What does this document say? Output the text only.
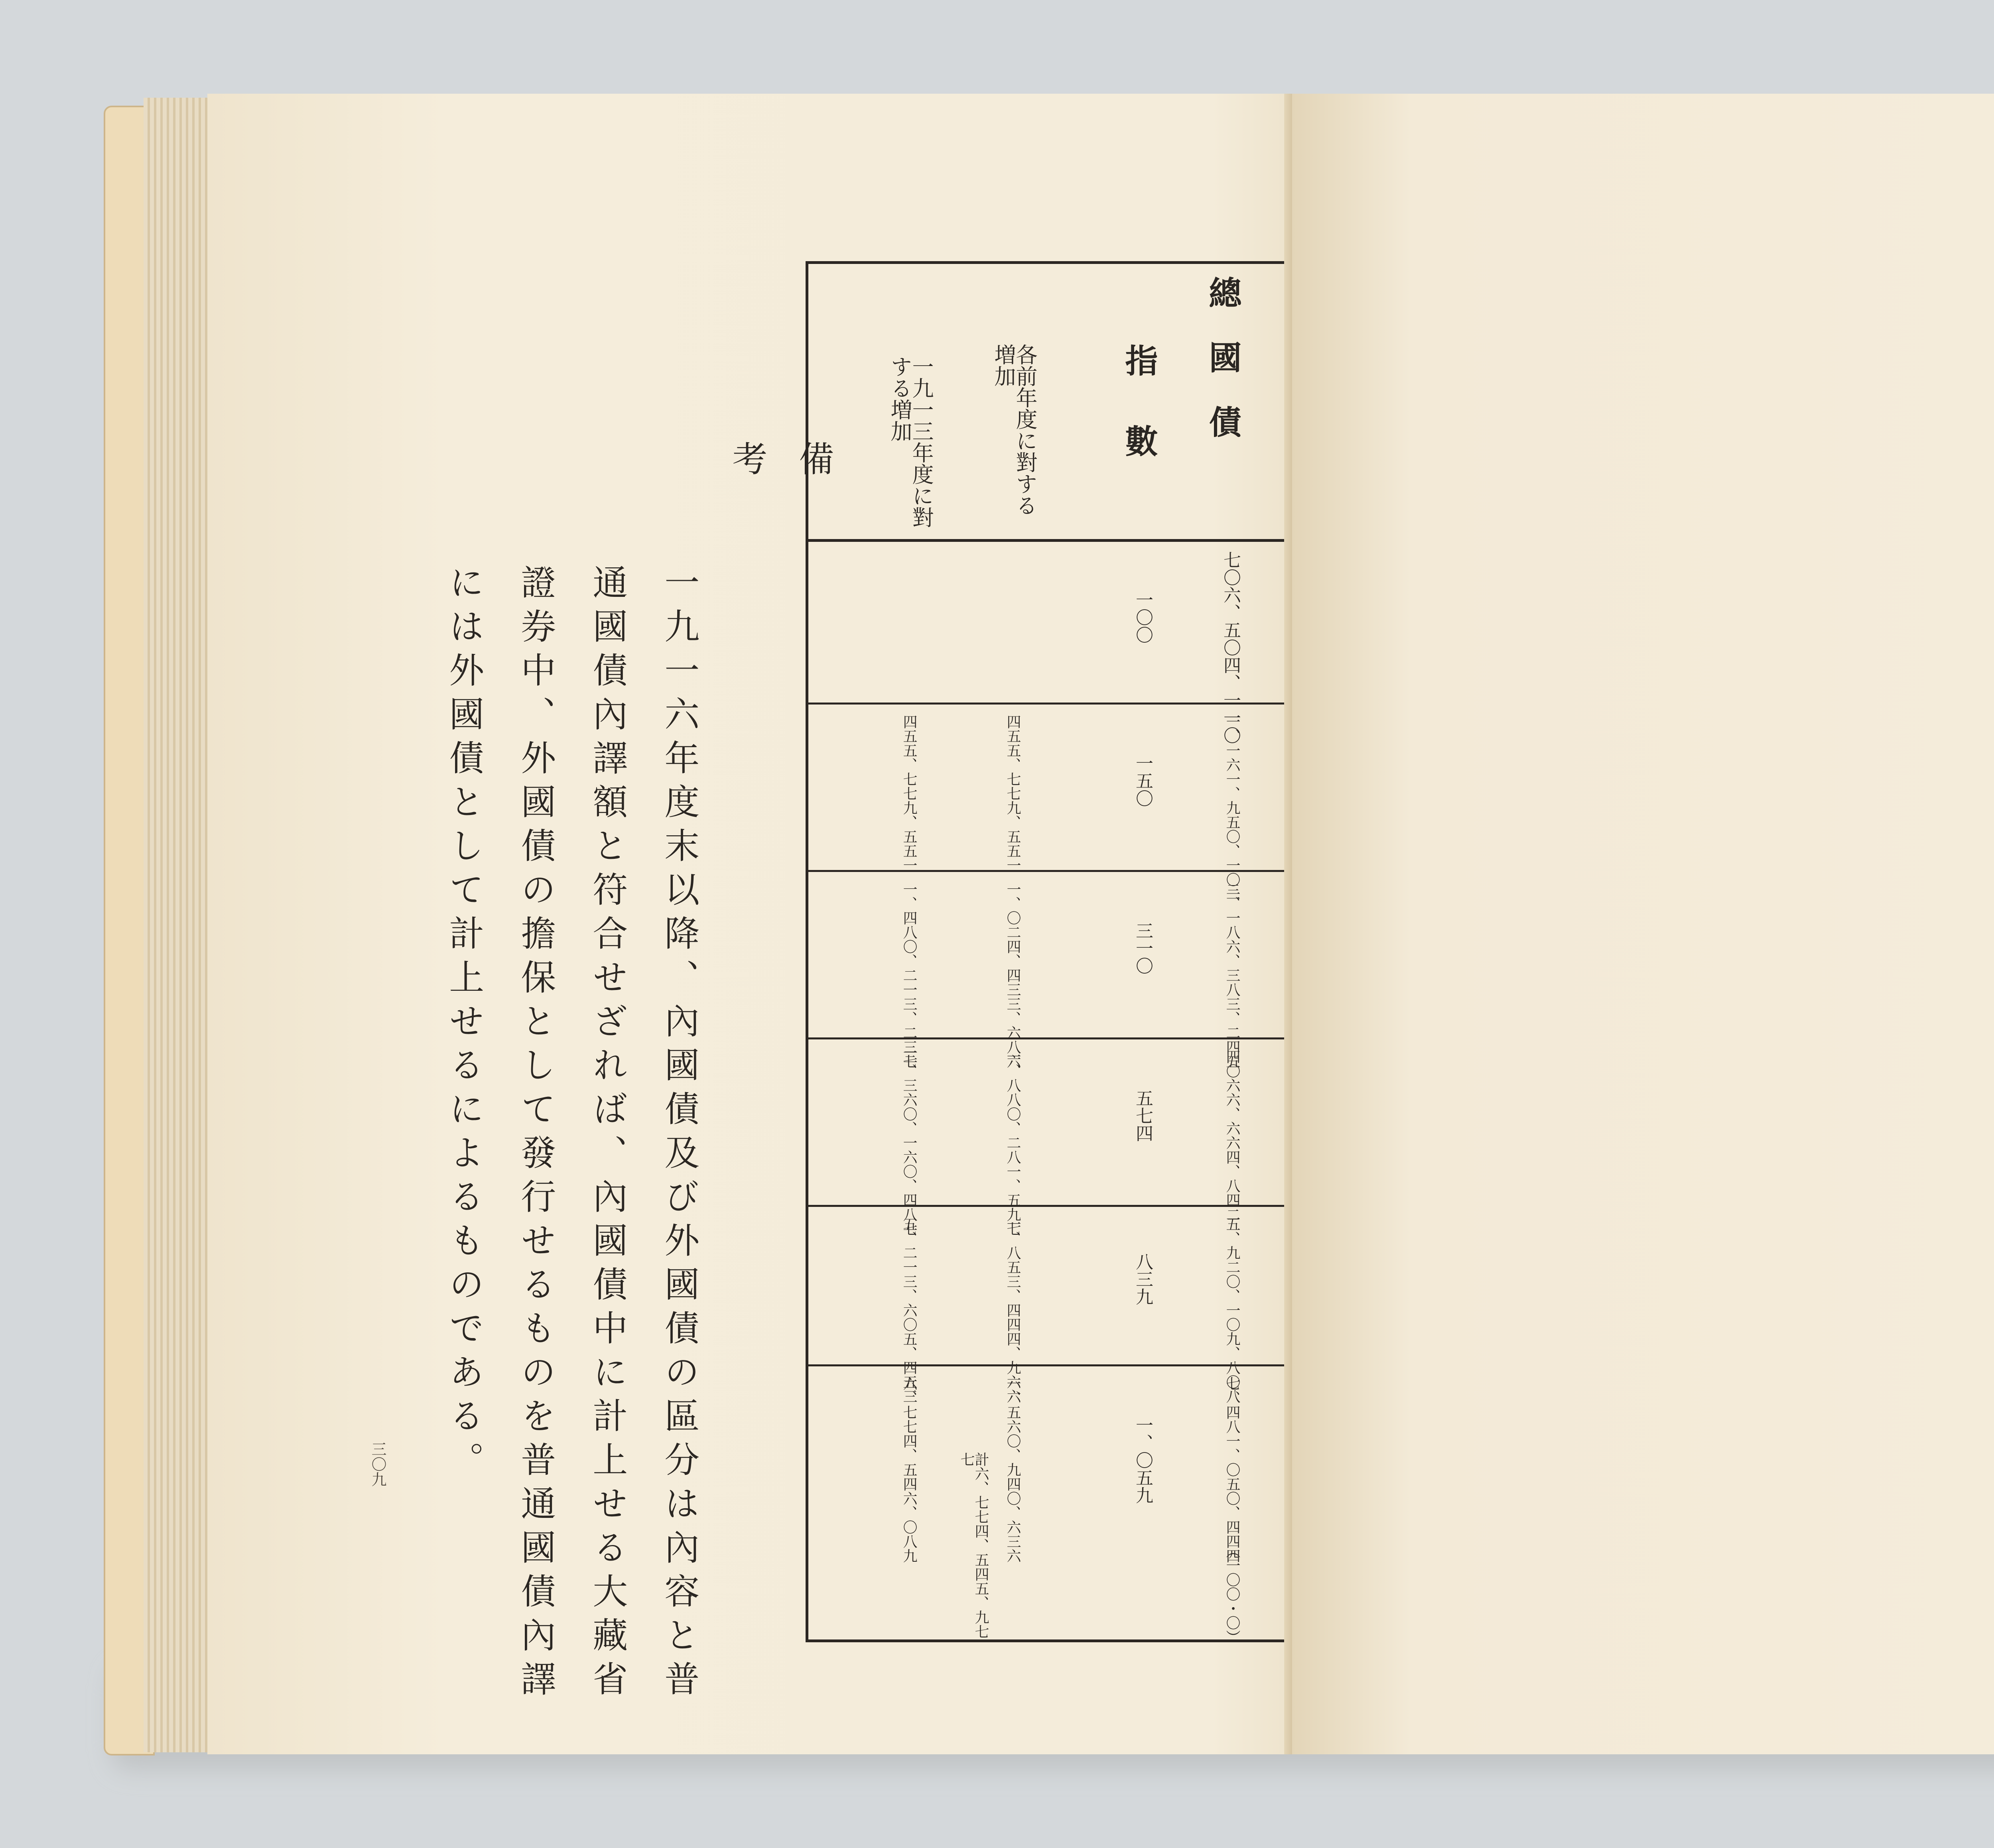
三〇九
總國債
指數
各前年度に對する増加
一九一三年度に對する増加
七〇六、五〇四、一一〇
一〇〇
一、一六一、九五〇、一〇二
一五〇
四五五、七七九、五五一
四五五、七七九、五五一
二、一八六、三八三、二四五
三一〇
一、〇二四、四三三、六八六
一、四八〇、二一三、二三七
四〇六六、六六四、八四二
五七四
一、八八〇、二八一、五九七
三、三六〇、一六〇、四八七
五、九二〇、一〇九、八〇八
八三九
一、八五三、四四四、九六六
五、二一三、六〇五、四五三
七、四八一、〇五〇、四四四
（一〇〇・〇）
一、〇五九
一、五六〇、九四〇、六三六
計六、七七四、五四五、九七七
六、七七四、五四六、〇八九
備考
一九一六年度末以降、內國債及び外國債の區分は內容と普
通國債內譯額と符合せざれば、內國債中に計上せる大藏省
證券中、外國債の擔保として發行せるものを普通國債內譯
には外國債として計上せるによるものである。
